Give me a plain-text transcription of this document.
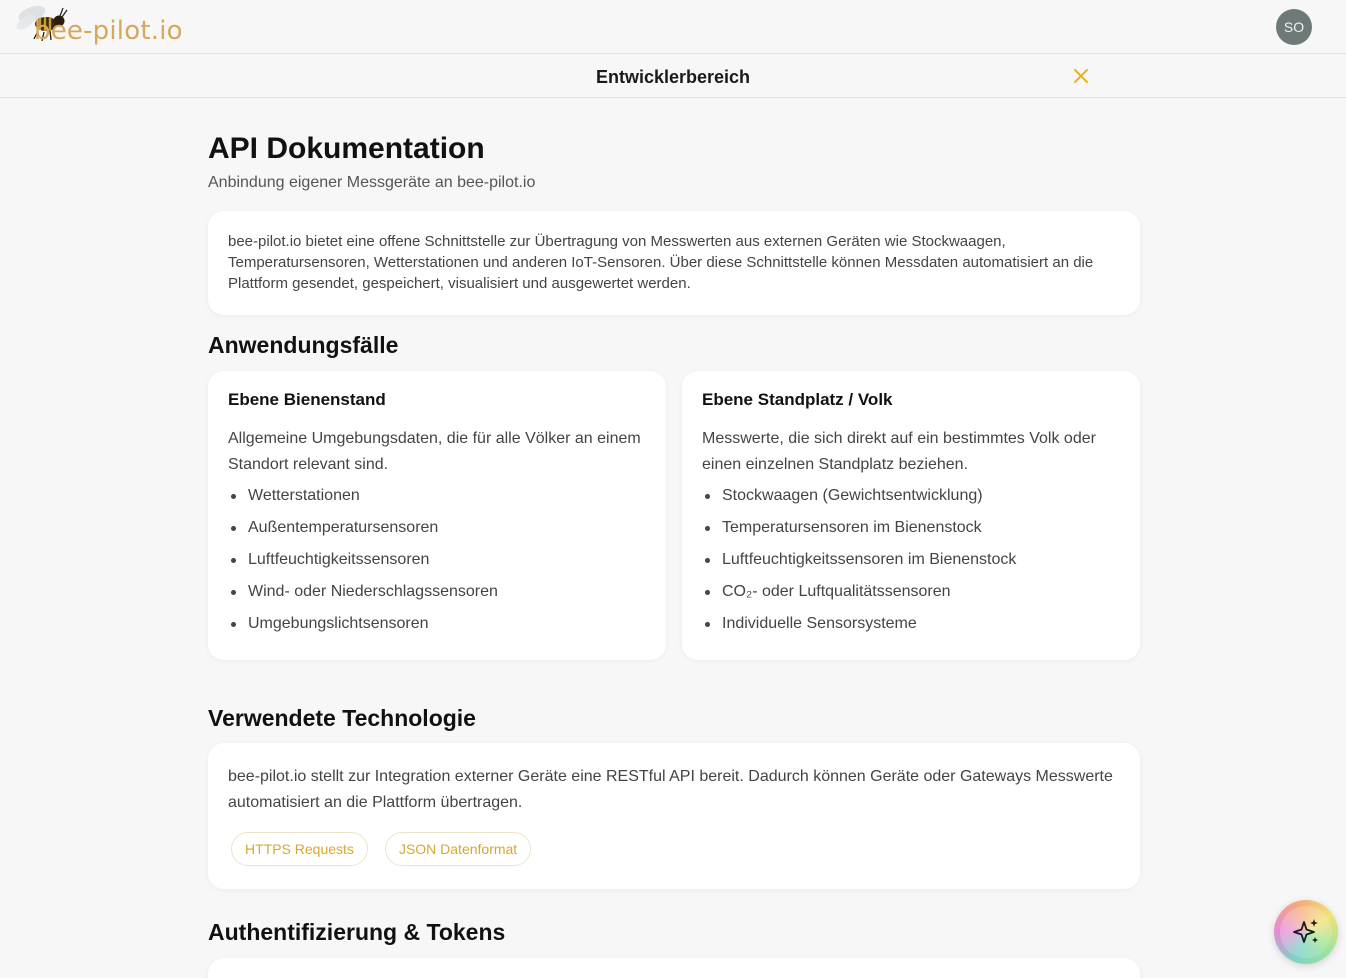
bee-pilot.io	SO
Entwicklerbereich
API Dokumentation
Anbindung eigener Messgeräte an bee-pilot.io
bee-pilot.io bietet eine offene Schnittstelle zur Übertragung von Messwerten aus externen Geräten wie Stockwaagen, Temperatursensoren, Wetterstationen und anderen IoT-Sensoren. Über diese Schnittstelle können Messdaten automatisiert an die Plattform gesendet, gespeichert, visualisiert und ausgewertet werden.
Anwendungsfälle
Ebene Bienenstand

Allgemeine Umgebungsdaten, die für alle Völker an einem Standort relevant sind.

Wetterstationen
Außentemperatursensoren
Luftfeuchtigkeitssensoren
Wind- oder Niederschlagssensoren
Umgebungslichtsensoren
Ebene Standplatz / Volk

Messwerte, die sich direkt auf ein bestimmtes Volk oder einen einzelnen Standplatz beziehen.

Stockwaagen (Gewichtsentwicklung)
Temperatursensoren im Bienenstock
Luftfeuchtigkeitssensoren im Bienenstock
CO₂- oder Luftqualitätssensoren
Individuelle Sensorsysteme
Verwendete Technologie

bee-pilot.io stellt zur Integration externer Geräte eine RESTful API bereit. Dadurch können Geräte oder Gateways Messwerte automatisiert an die Plattform übertragen.

HTTPS Requests	JSON Datenformat
Authentifizierung & Tokens
